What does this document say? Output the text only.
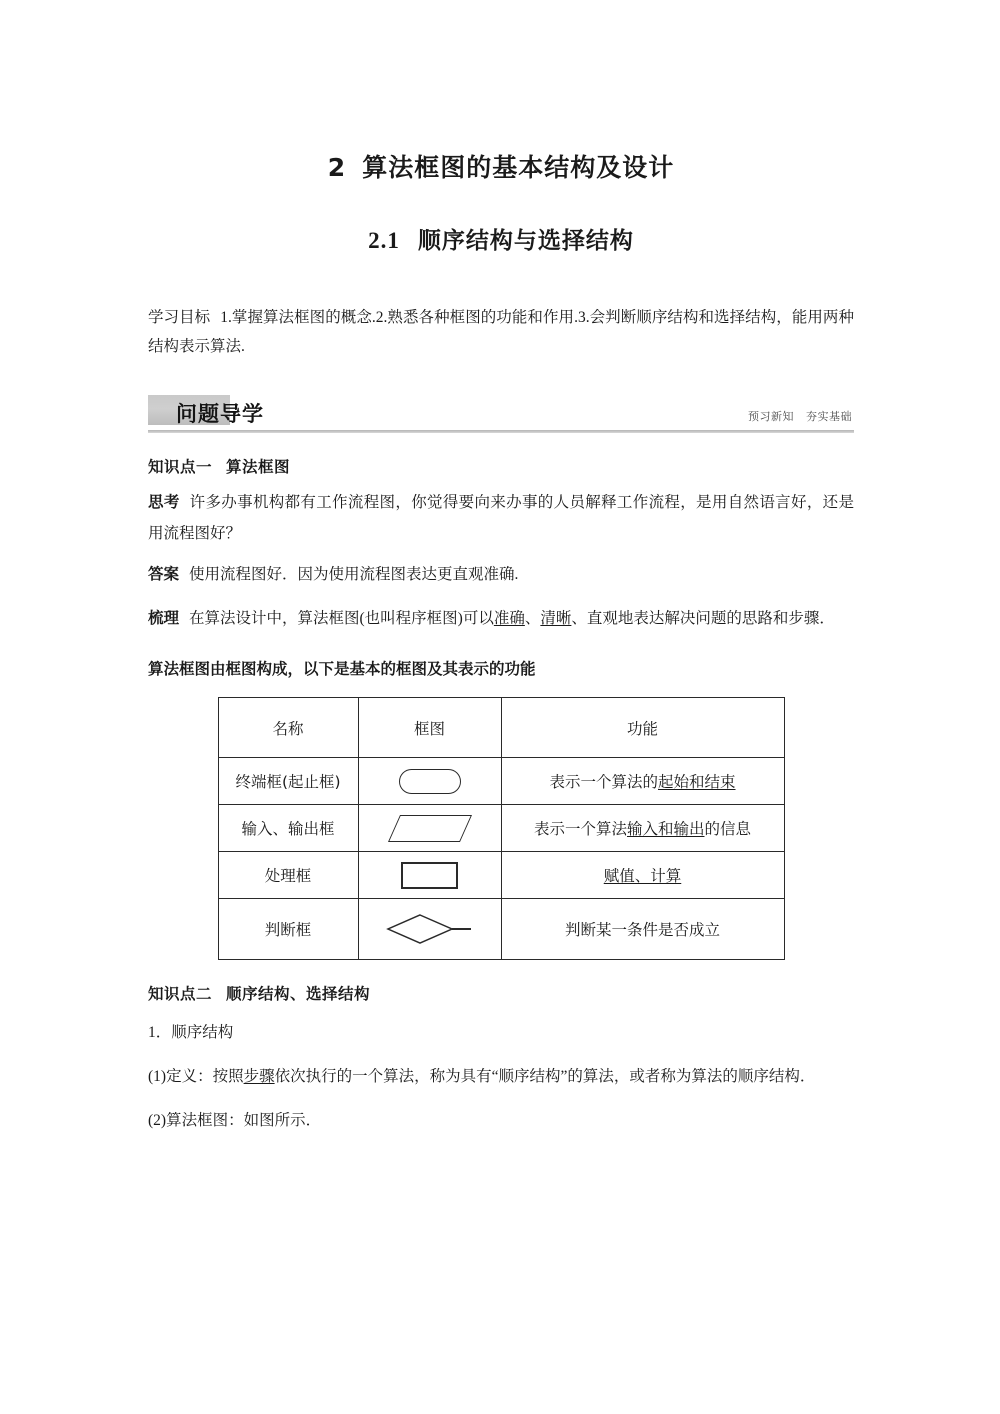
2 算法框图的基本结构及设计
2.1 顺序结构与选择结构
学习目标 1.掌握算法框图的概念.2.熟悉各种框图的功能和作用.3.会判断顺序结构和选择结构，能用两种结构表示算法.
问题导学	预习新知 夯实基础
知识点一 算法框图
思考 许多办事机构都有工作流程图，你觉得要向来办事的人员解释工作流程，是用自然语言好，还是用流程图好？
答案 使用流程图好．因为使用流程图表达更直观准确.
梳理 在算法设计中，算法框图(也叫程序框图)可以准确、清晰、直观地表达解决问题的思路和步骤．
算法框图由框图构成，以下是基本的框图及其表示的功能
名称	框图	功能
终端框(起止框)		表示一个算法的起始和结束
输入、输出框		表示一个算法输入和输出的信息
处理框		赋值、计算
判断框		判断某一条件是否成立
知识点二 顺序结构、选择结构
1．顺序结构
(1)定义：按照步骤依次执行的一个算法，称为具有“顺序结构”的算法，或者称为算法的顺序结构．
(2)算法框图：如图所示．
